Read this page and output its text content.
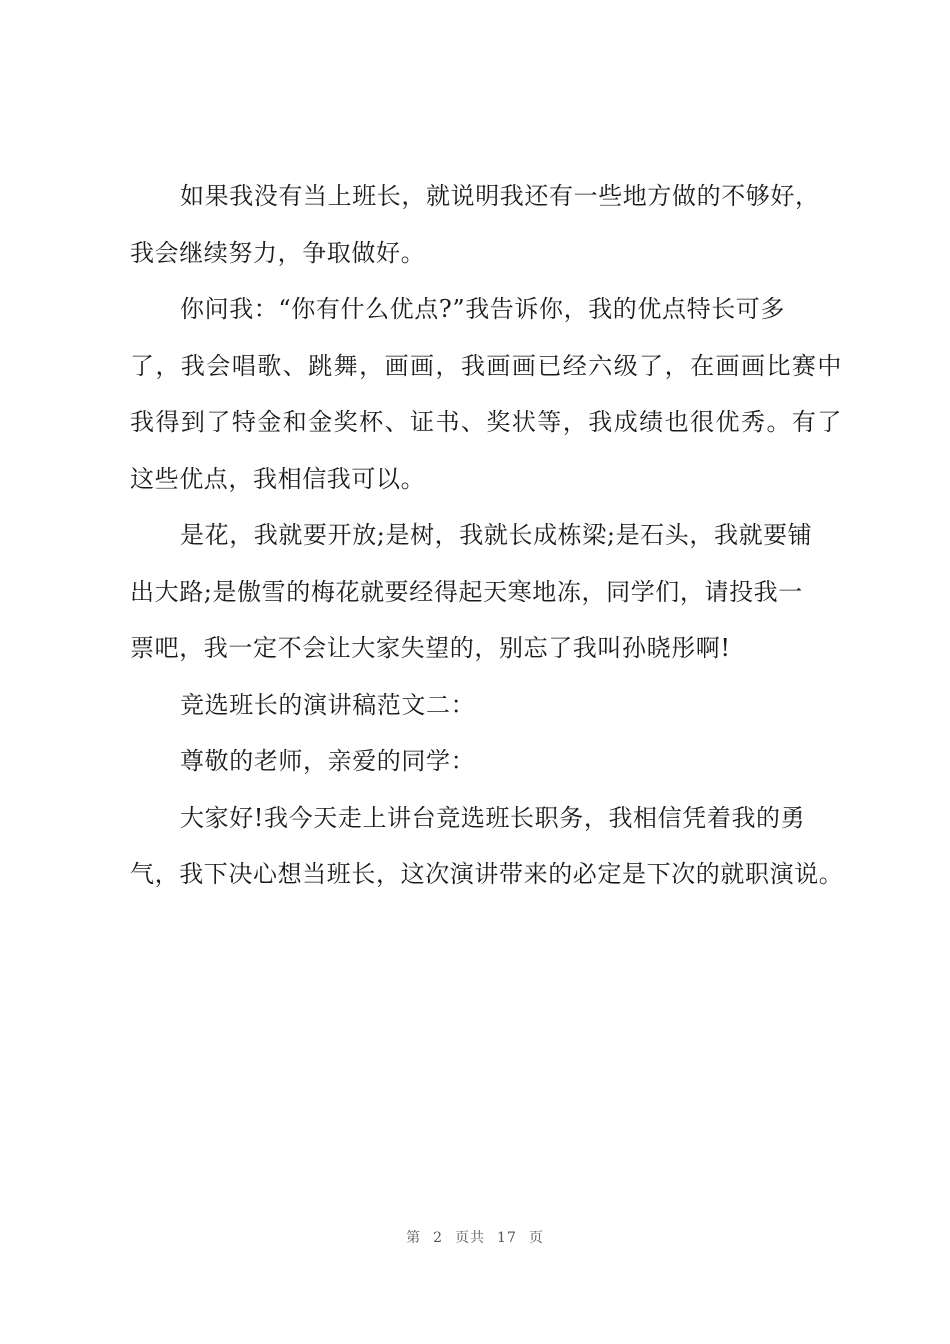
如果我没有当上班长，就说明我还有一些地方做的不够好，
我会继续努力，争取做好。
你问我：“你有什么优点?”我告诉你，我的优点特长可多
了，我会唱歌、跳舞，画画，我画画已经六级了，在画画比赛中
我得到了特金和金奖杯、证书、奖状等，我成绩也很优秀。有了
这些优点，我相信我可以。
是花，我就要开放;是树，我就长成栋梁;是石头，我就要铺
出大路;是傲雪的梅花就要经得起天寒地冻，同学们，请投我一
票吧，我一定不会让大家失望的，别忘了我叫孙晓彤啊!
竞选班长的演讲稿范文二：
尊敬的老师，亲爱的同学：
大家好!我今天走上讲台竞选班长职务，我相信凭着我的勇
气，我下决心想当班长，这次演讲带来的必定是下次的就职演说。
第 2 页共 17 页
